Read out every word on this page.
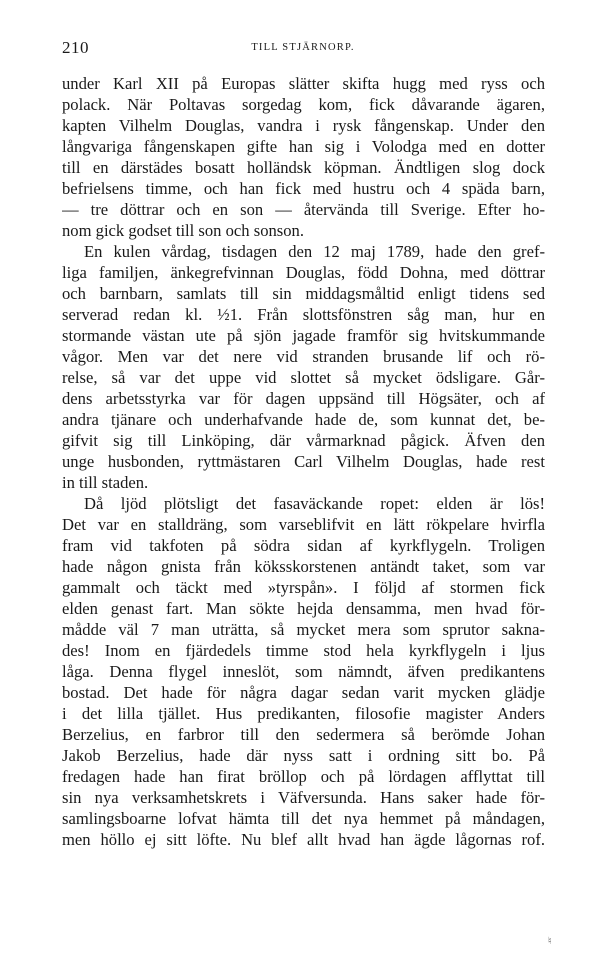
210	TILL STJÄRNORP.
under Karl XII på Europas slätter skifta hugg med ryss och
polack. När Poltavas sorgedag kom, fick dåvarande ägaren,
kapten Vilhelm Douglas, vandra i rysk fångenskap. Under den
långvariga fångenskapen gifte han sig i Volodga med en dotter
till en därstädes bosatt holländsk köpman. Ändtligen slog dock
befrielsens timme, och han fick med hustru och 4 späda barn,
— tre döttrar och en son — återvända till Sverige. Efter ho-
nom gick godset till son och sonson.
En kulen vårdag, tisdagen den 12 maj 1789, hade den gref-
liga familjen, änkegrefvinnan Douglas, född Dohna, med döttrar
och barnbarn, samlats till sin middagsmåltid enligt tidens sed
serverad redan kl. ½1. Från slottsfönstren såg man, hur en
stormande västan ute på sjön jagade framför sig hvitskummande
vågor. Men var det nere vid stranden brusande lif och rö-
relse, så var det uppe vid slottet så mycket ödsligare. Går-
dens arbetsstyrka var för dagen uppsänd till Högsäter, och af
andra tjänare och underhafvande hade de, som kunnat det, be-
gifvit sig till Linköping, där vårmarknad pågick. Äfven den
unge husbonden, ryttmästaren Carl Vilhelm Douglas, hade rest
in till staden.
Då ljöd plötsligt det fasaväckande ropet: elden är lös!
Det var en stalldräng, som varseblifvit en lätt rökpelare hvirfla
fram vid takfoten på södra sidan af kyrkflygeln. Troligen
hade någon gnista från köksskorstenen antändt taket, som var
gammalt och täckt med »tyrspån». I följd af stormen fick
elden genast fart. Man sökte hejda densamma, men hvad för-
mådde väl 7 man uträtta, så mycket mera som sprutor sakna-
des! Inom en fjärdedels timme stod hela kyrkflygeln i ljus
låga. Denna flygel inneslöt, som nämndt, äfven predikantens
bostad. Det hade för några dagar sedan varit mycken glädje
i det lilla tjället. Hus predikanten, filosofie magister Anders
Berzelius, en farbror till den sedermera så berömde Johan
Jakob Berzelius, hade där nyss satt i ordning sitt bo. På
fredagen hade han firat bröllop och på lördagen afflyttat till
sin nya verksamhetskrets i Väfversunda. Hans saker hade för-
samlingsboarne lofvat hämta till det nya hemmet på måndagen,
men höllo ej sitt löfte. Nu blef allt hvad han ägde lågornas rof.
♮
